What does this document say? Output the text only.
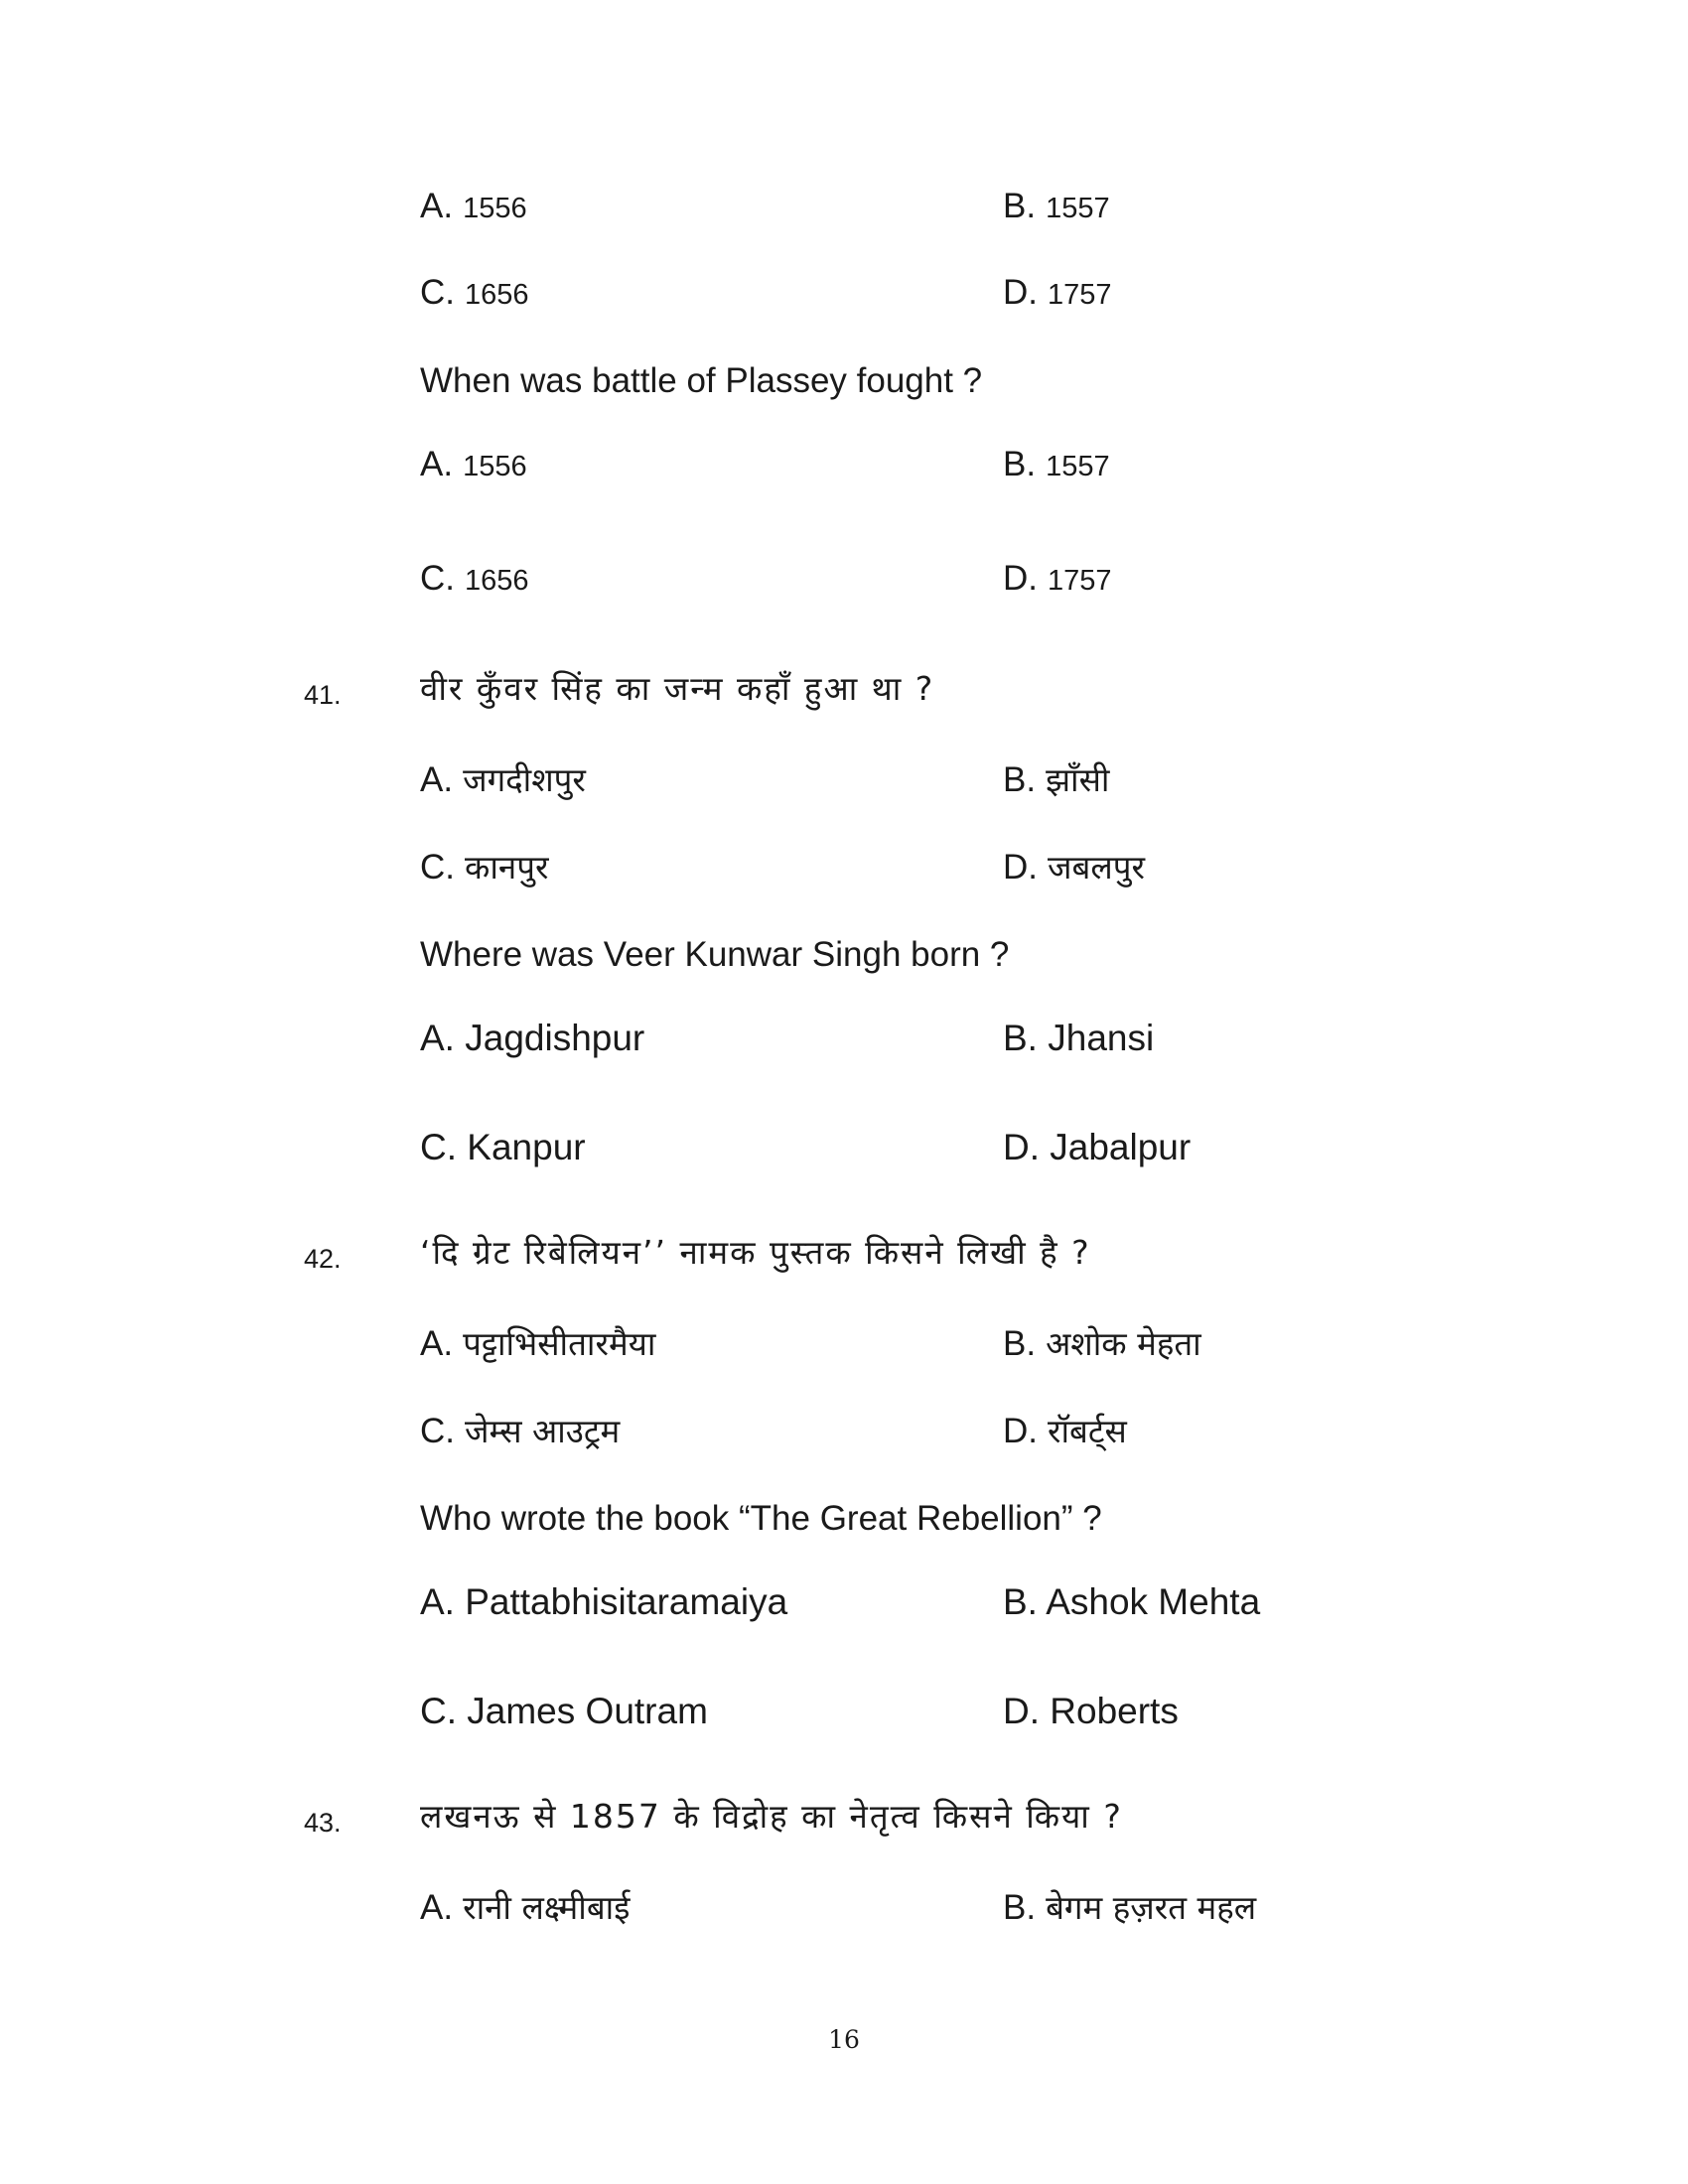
A. 1556	B. 1557
C. 1656	D. 1757
When was battle of Plassey fought ?
A. 1556	B. 1557
C. 1656	D. 1757
41. वीर कुँवर सिंह का जन्म कहाँ हुआ था ?
A. जगदीशपुर	B. झाँसी
C. कानपुर	D. जबलपुर
Where was Veer Kunwar Singh born ?
A. Jagdishpur	B. Jhansi
C. Kanpur	D. Jabalpur
42. ‘दि ग्रेट रिबेलियन’’ नामक पुस्तक किसने लिखी है ?
A. पट्टाभिसीतारमैया	B. अशोक मेहता
C. जेम्स आउट्रम	D. रॉबर्ट्स
Who wrote the book “The Great Rebellion” ?
A. Pattabhisitaramaiya	B. Ashok Mehta
C. James Outram	D. Roberts
43. लखनऊ से 1857 के विद्रोह का नेतृत्व किसने किया ?
A. रानी लक्ष्मीबाई	B. बेगम हज़रत महल
16
